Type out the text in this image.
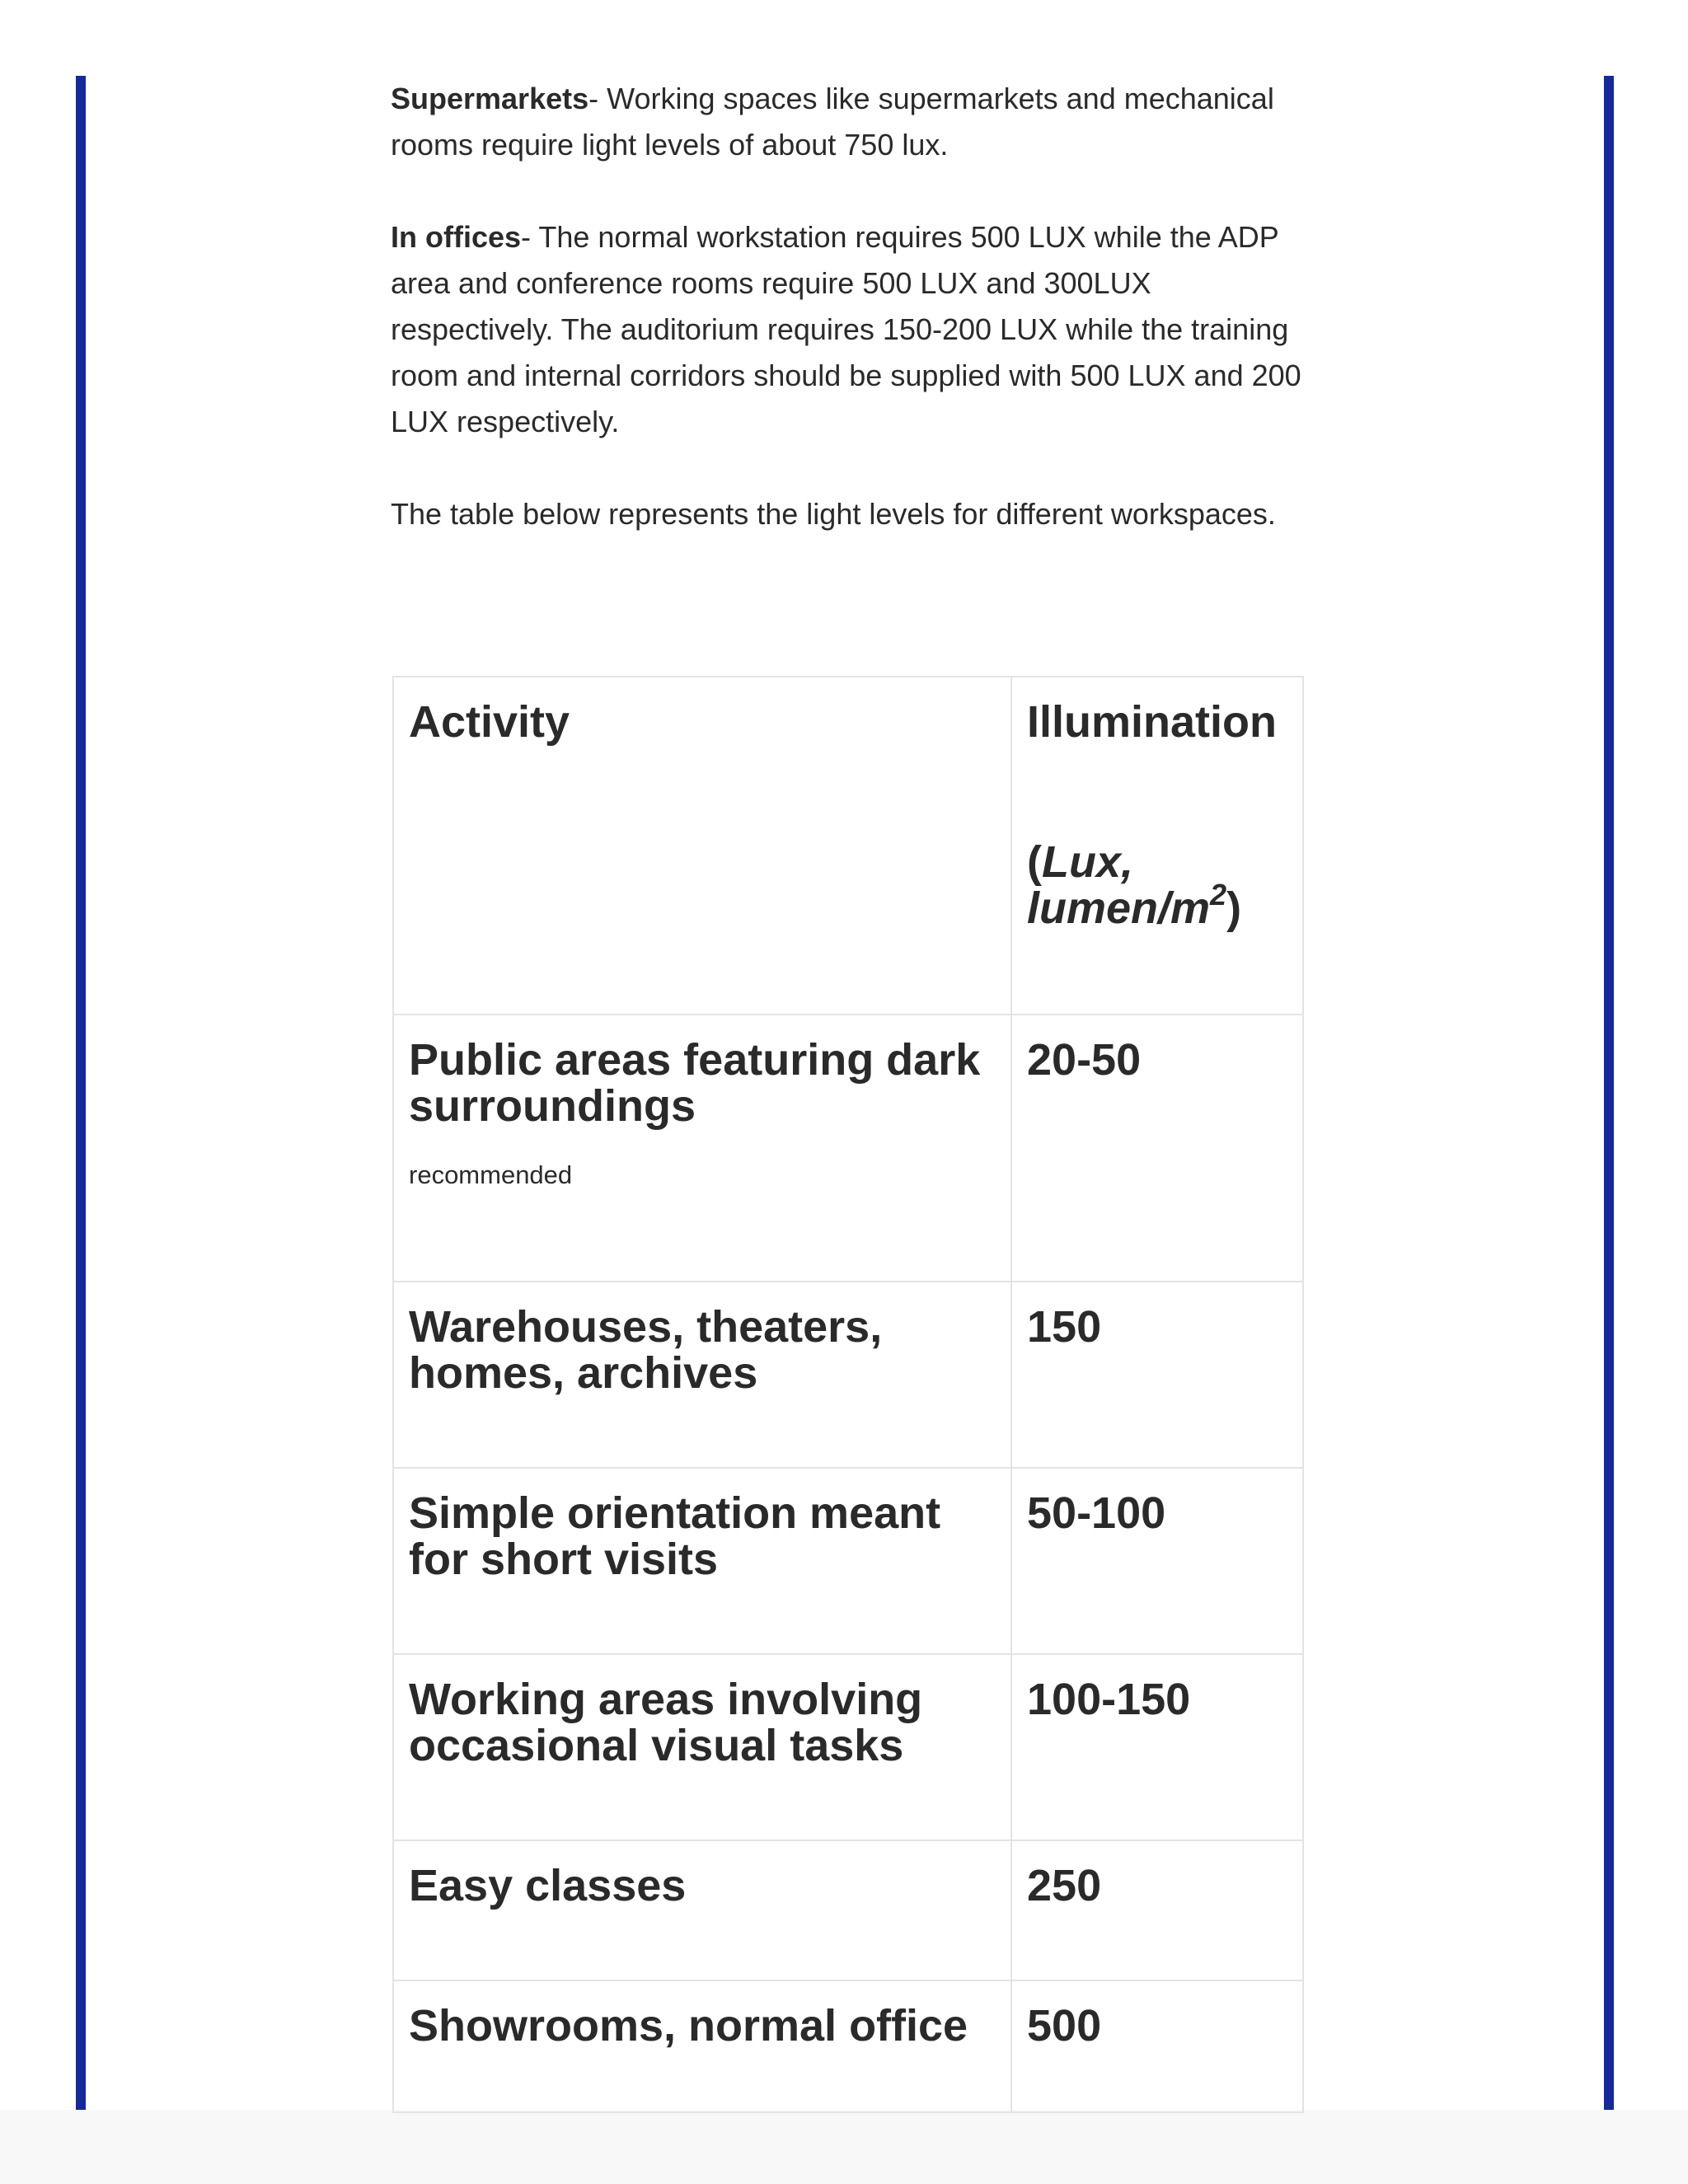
Supermarkets- Working spaces like supermarkets and mechanical rooms require light levels of about 750 lux.

In offices- The normal workstation requires 500 LUX while the ADP area and conference rooms require 500 LUX and 300LUX respectively. The auditorium requires 150-200 LUX while the training room and internal corridors should be supplied with 500 LUX and 200 LUX respectively.

The table below represents the light levels for different workspaces.

Activity	Illumination
(Lux, lumen/$m^2$)

Public areas featuring dark surroundings
recommended	20-50
Warehouses, theaters, homes, archives	150
Simple orientation meant for short visits	50-100
Working areas involving occasional visual tasks	100-150
Easy classes	250
Showrooms, normal office	500
